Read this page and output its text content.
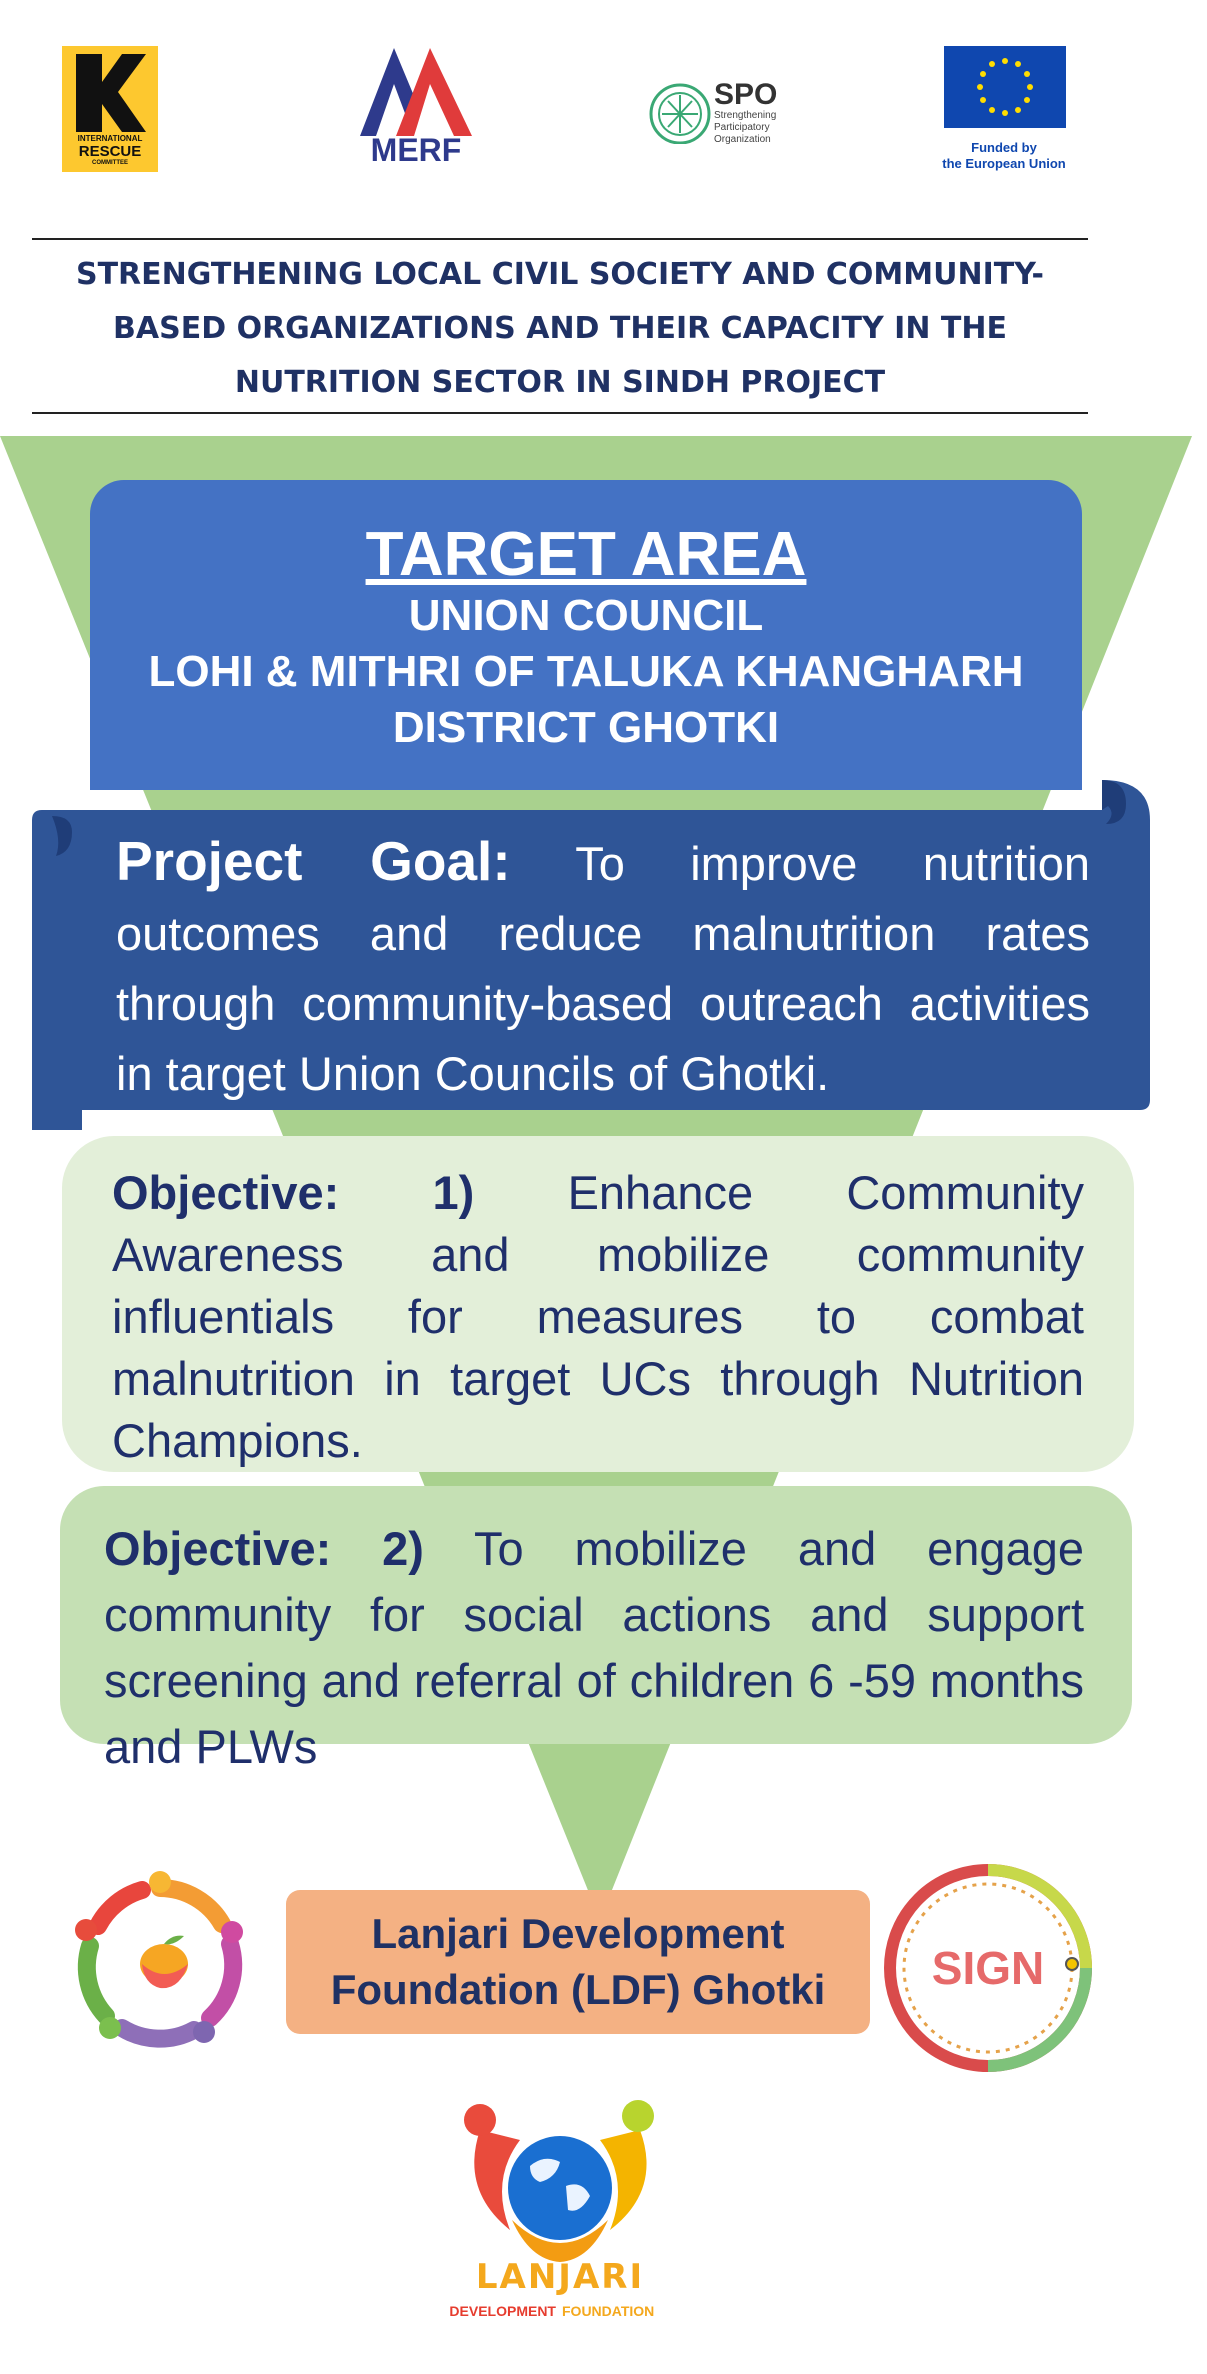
INTERNATIONAL
RESCUE
COMMITTEE	MERF
SPO
Strengthening
Participatory
Organization
Funded by
the European Union
STRENGTHENING LOCAL CIVIL SOCIETY AND COMMUNITY-
BASED ORGANIZATIONS AND THEIR CAPACITY IN THE
NUTRITION SECTOR IN SINDH PROJECT
TARGET AREA
UNION COUNCIL
LOHI & MITHRI OF TALUKA KHANGHARH
DISTRICT GHOTKI
Project Goal: To improve nutrition outcomes and reduce malnutrition rates through community-based outreach activities in target Union Councils of Ghotki.
Objective: 1) Enhance Community Awareness and mobilize community influentials for measures to combat malnutrition in target UCs through Nutrition Champions.
Objective: 2) To mobilize and engage community for social actions and support screening and referral of children 6 -59 months and PLWs
Lanjari Development
Foundation (LDF) Ghotki	SIGN
LANJARI
DEVELOPMENT FOUNDATION
